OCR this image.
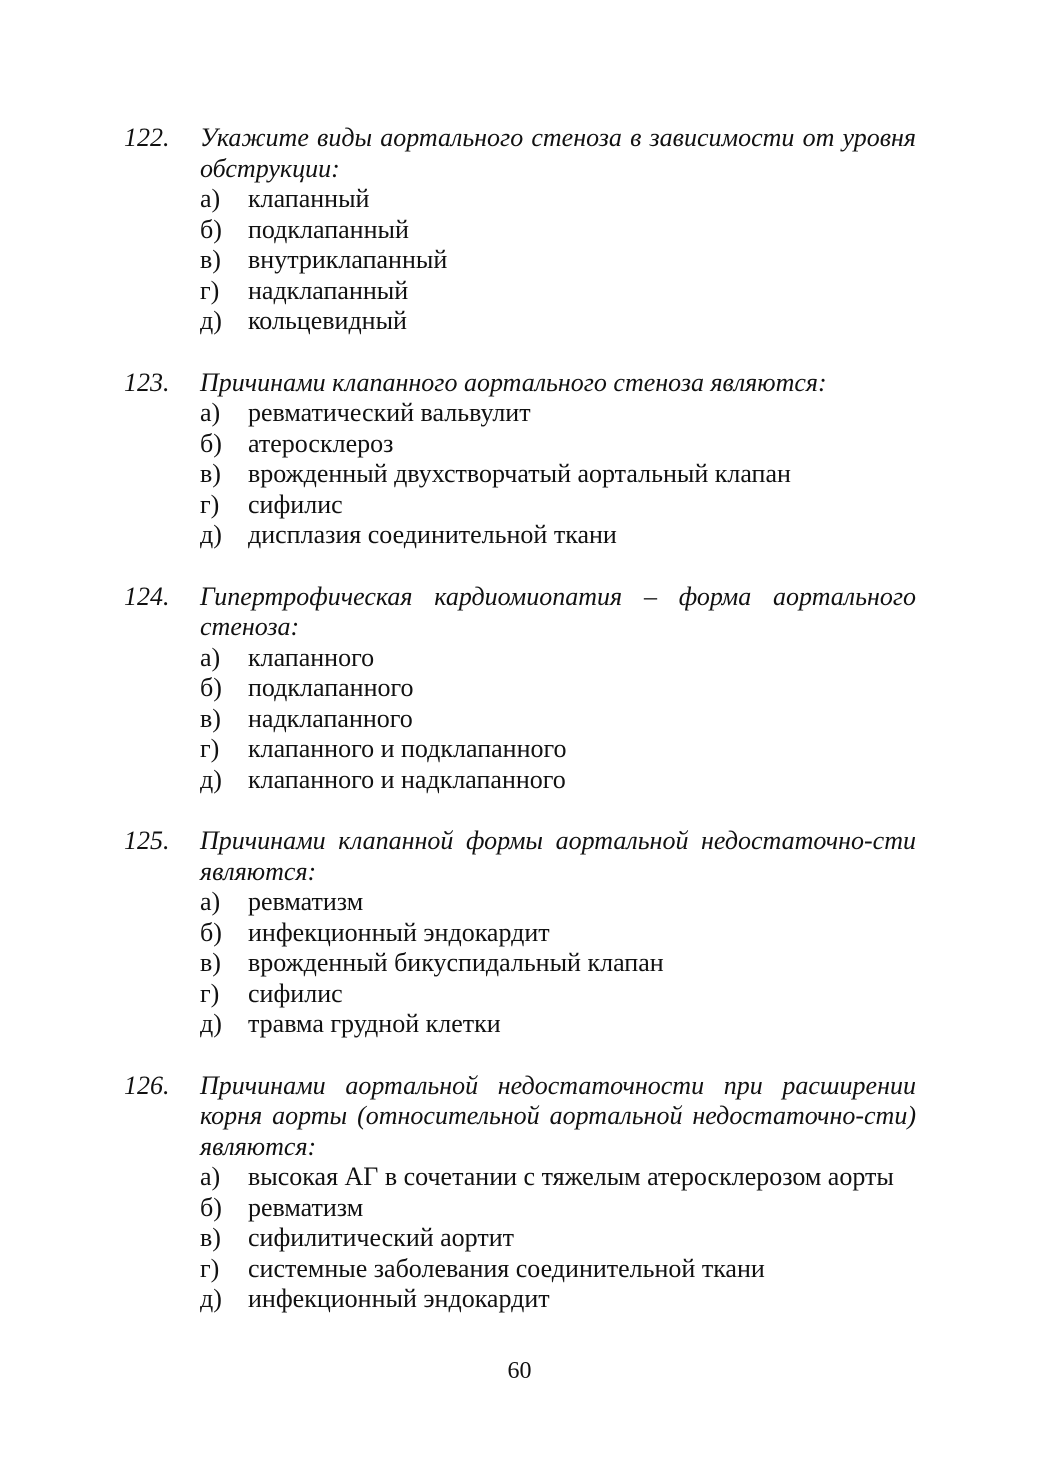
122.	Укажите виды аортального стеноза в зависимости от уровня обструкции:
а)	клапанный
б)	подклапанный
в)	внутриклапанный
г)	надклапанный
д)	кольцевидный
123.	Причинами клапанного аортального стеноза являются:
а)	ревматический вальвулит
б)	атеросклероз
в)	врожденный двухстворчатый аортальный клапан
г)	сифилис
д)	дисплазия соединительной ткани
124.	Гипертрофическая кардиомиопатия – форма аортального стеноза:
а)	клапанного
б)	подклапанного
в)	надклапанного
г)	клапанного и подклапанного
д)	клапанного и надклапанного
125.	Причинами клапанной формы аортальной недостаточно-сти являются:
а)	ревматизм
б)	инфекционный эндокардит
в)	врожденный бикуспидальный клапан
г)	сифилис
д)	травма грудной клетки
126.	Причинами аортальной недостаточности при расширении корня аорты (относительной аортальной недостаточно-сти) являются:
а)	высокая АГ в сочетании с тяжелым атеросклерозом аорты
б)	ревматизм
в)	сифилитический аортит
г)	системные заболевания соединительной ткани
д)	инфекционный эндокардит
60
